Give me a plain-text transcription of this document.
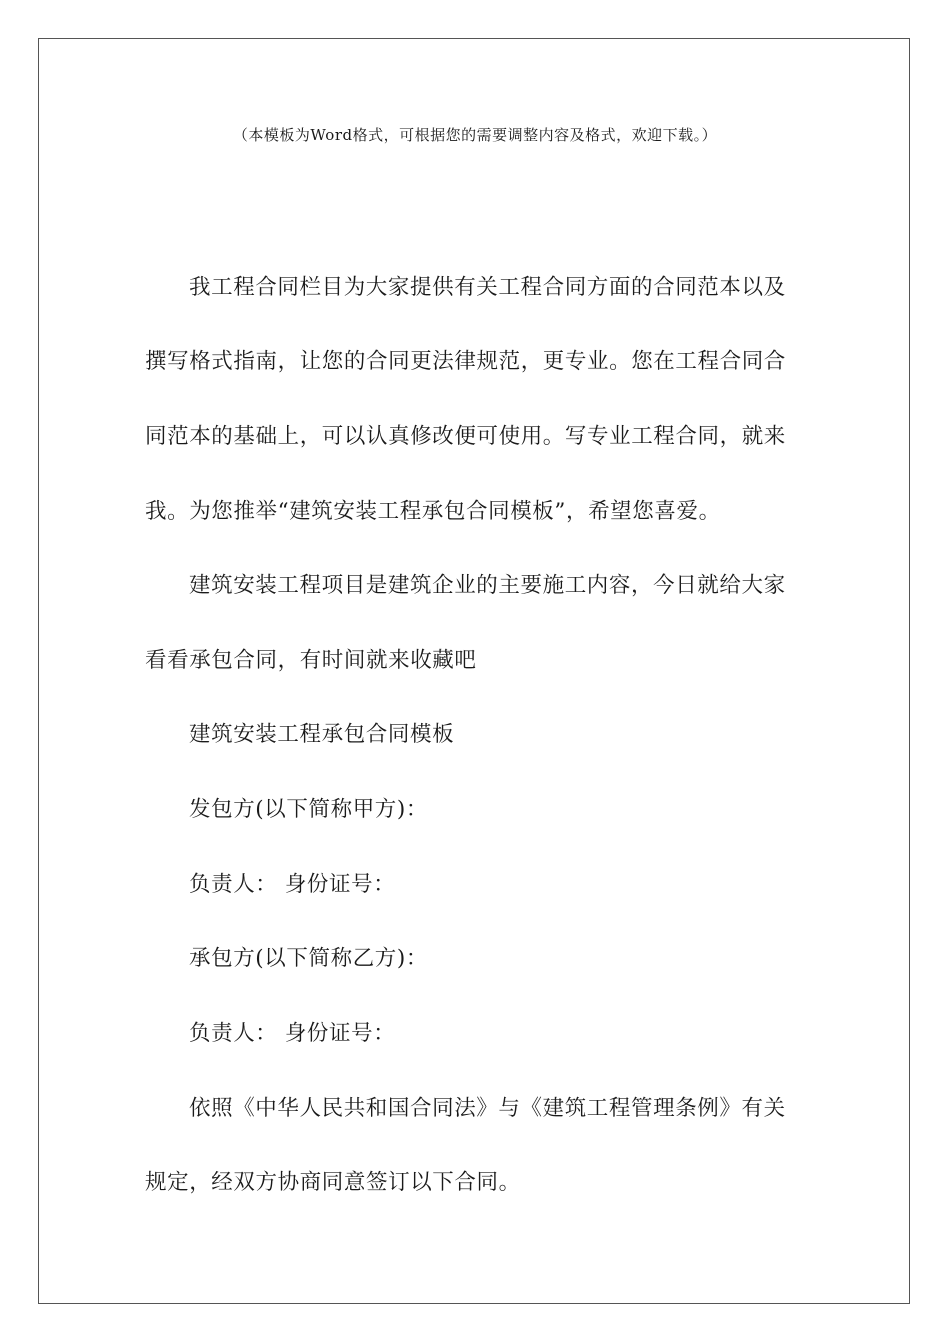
（本模板为Word格式，可根据您的需要调整内容及格式，欢迎下载。）
我工程合同栏目为大家提供有关工程合同方面的合同范本以及
撰写格式指南，让您的合同更法律规范，更专业。您在工程合同合
同范本的基础上，可以认真修改便可使用。写专业工程合同，就来
我。为您推举“建筑安装工程承包合同模板”，希望您喜爱。
建筑安装工程项目是建筑企业的主要施工内容，今日就给大家
看看承包合同，有时间就来收藏吧
建筑安装工程承包合同模板
发包方(以下简称甲方)：
负责人： 身份证号：
承包方(以下简称乙方)：
负责人： 身份证号：
依照《中华人民共和国合同法》与《建筑工程管理条例》有关
规定，经双方协商同意签订以下合同。
